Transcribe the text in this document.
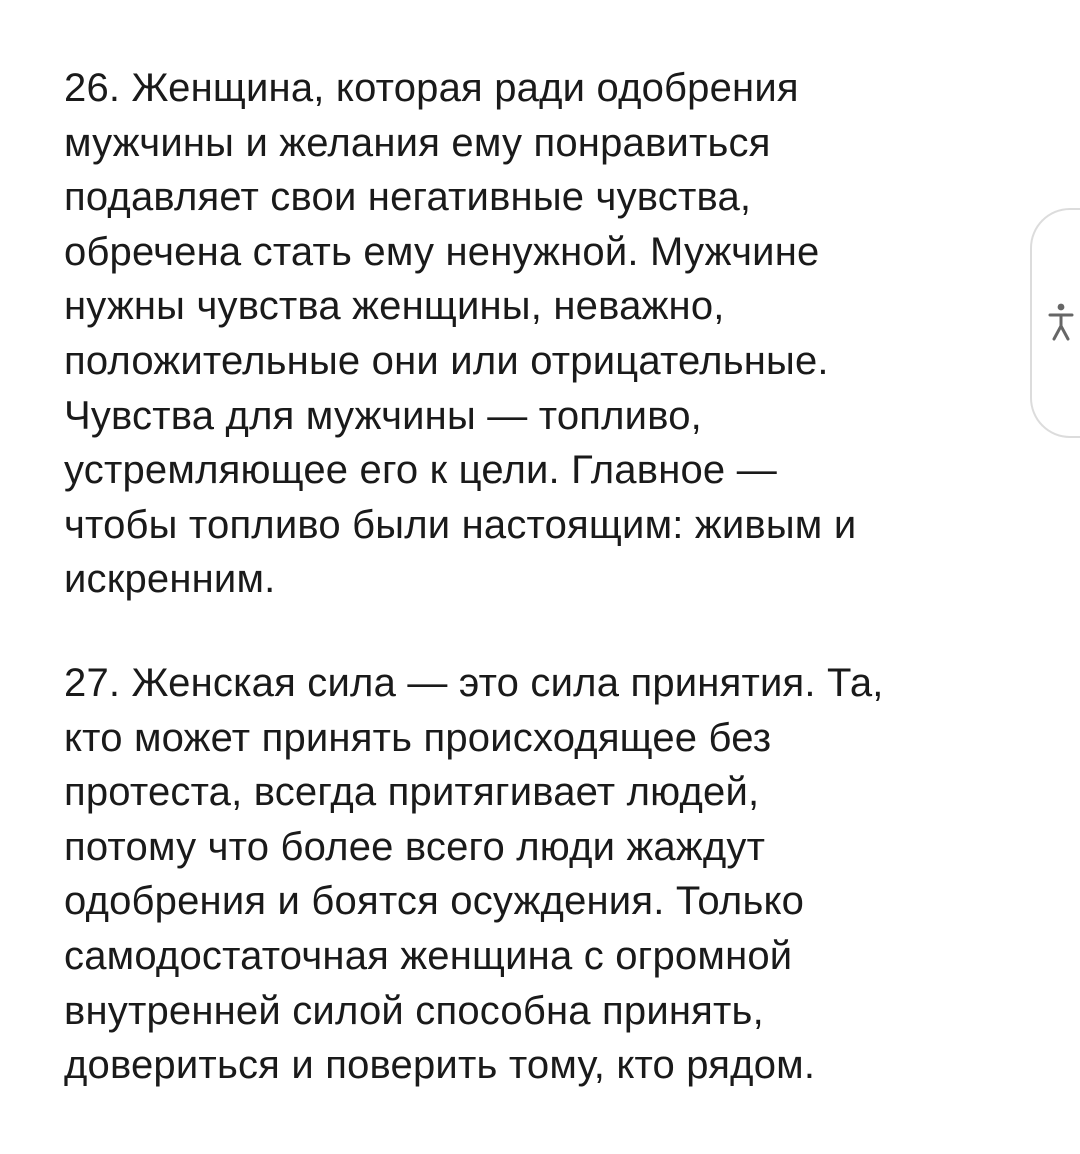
26. Женщина, которая ради одобрения
мужчины и желания ему понравиться
подавляет свои негативные чувства,
обречена стать ему ненужной. Мужчине
нужны чувства женщины, неважно,
положительные они или отрицательные.
Чувства для мужчины — топливо,
устремляющее его к цели. Главное —
чтобы топливо были настоящим: живым и
искренним.
27. Женская сила — это сила принятия. Та,
кто может принять происходящее без
протеста, всегда притягивает людей,
потому что более всего люди жаждут
одобрения и боятся осуждения. Только
самодостаточная женщина с огромной
внутренней силой способна принять,
довериться и поверить тому, кто рядом.
